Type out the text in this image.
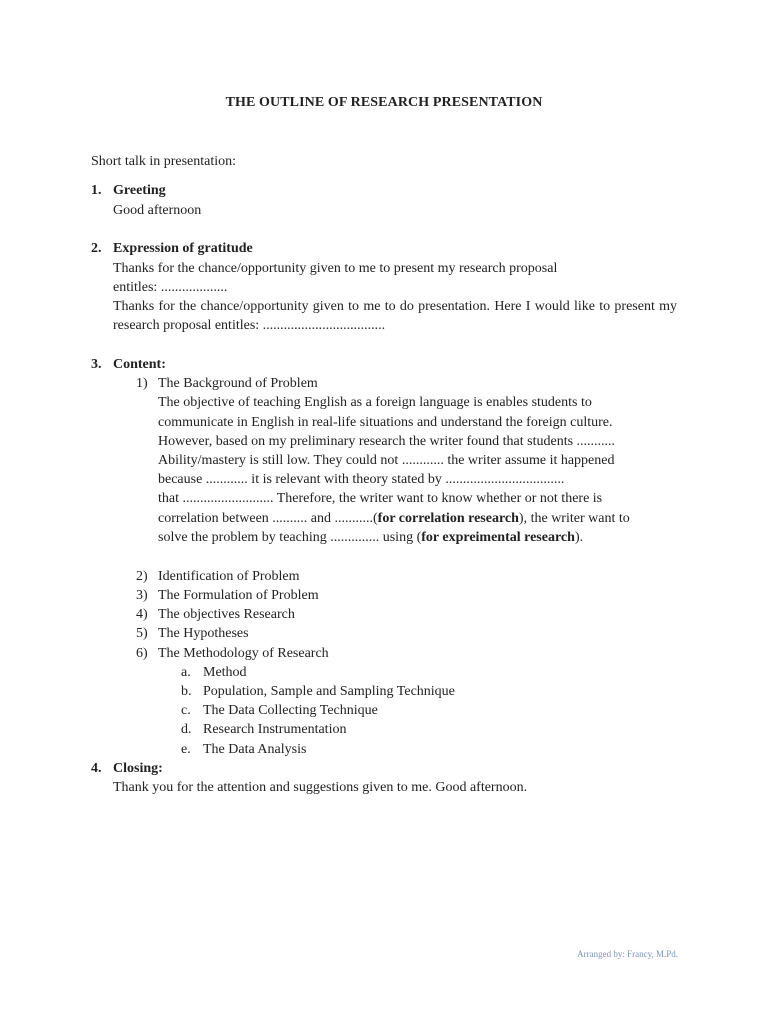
THE OUTLINE OF RESEARCH PRESENTATION
Short talk in presentation:
1. Greeting
Good afternoon
2. Expression of gratitude
Thanks for the chance/opportunity given to me to present my research proposal
entitles: ...................
Thanks for the chance/opportunity given to me to do presentation. Here I would like to present my research proposal entitles: ...................................
3. Content:
1) The Background of Problem
The objective of teaching English as a foreign language is enables students to
communicate in English in real-life situations and understand the foreign culture.
However, based on my preliminary research the writer found that students ...........
Ability/mastery is still low. They could not ............ the writer assume it happened
because ............ it is relevant with theory stated by ..................................
that .......................... Therefore, the writer want to know whether or not there is
correlation between .......... and ...........(for correlation research), the writer want to
solve the problem by teaching .............. using (for expreimental research).
2) Identification of Problem
3) The Formulation of Problem
4) The objectives Research
5) The Hypotheses
6) The Methodology of Research
a. Method
b. Population, Sample and Sampling Technique
c. The Data Collecting Technique
d. Research Instrumentation
e. The Data Analysis
4. Closing:
Thank you for the attention and suggestions given to me. Good afternoon.
Arranged by: Francy, M.Pd.
